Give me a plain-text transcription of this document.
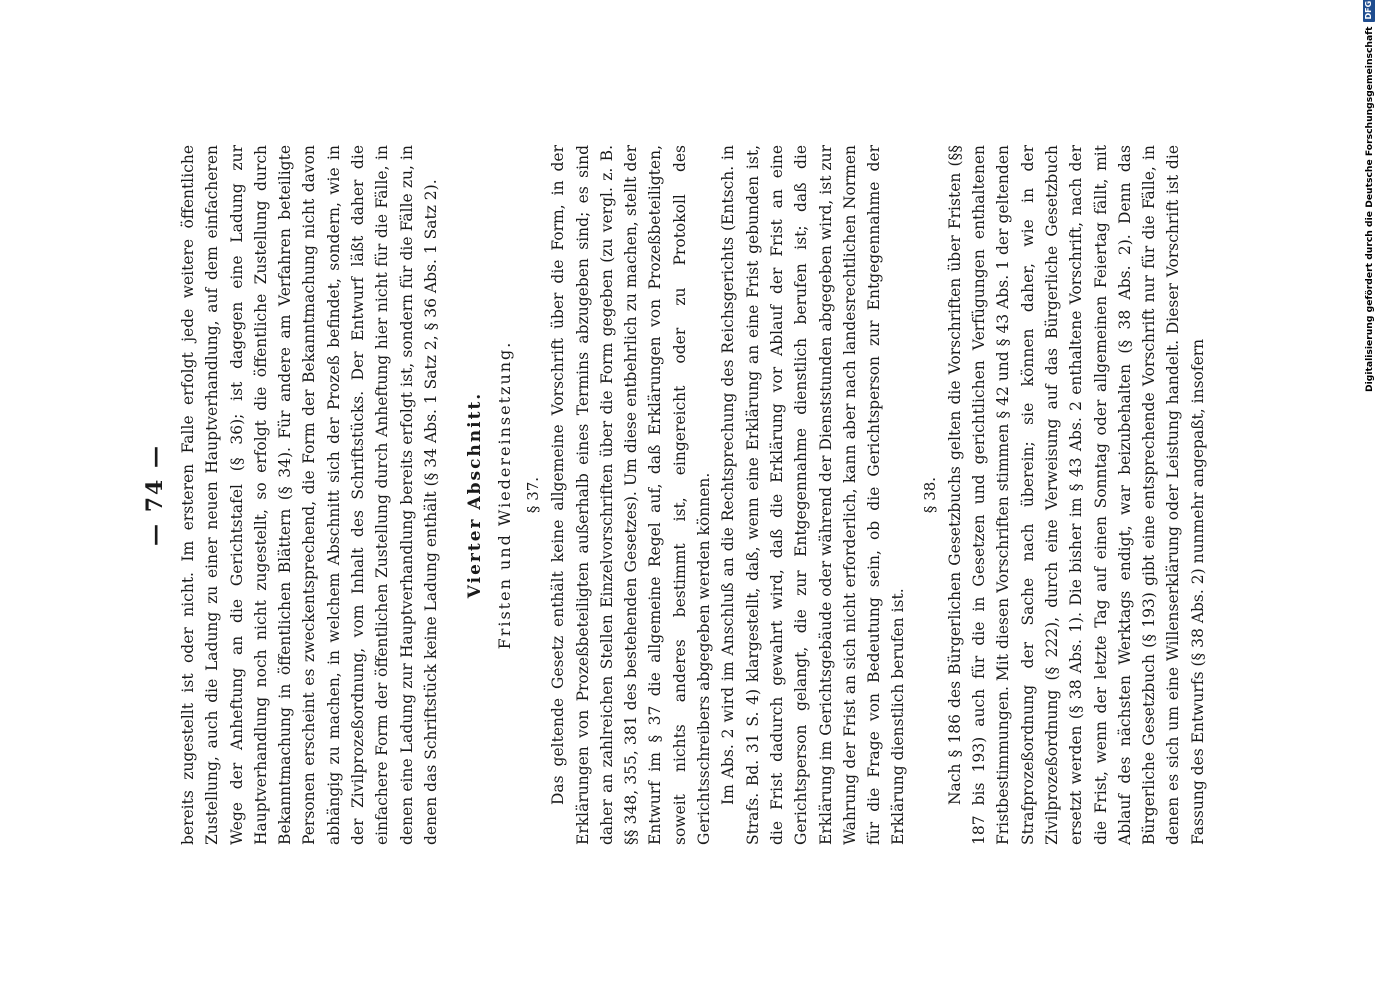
— 74 — bereits zugestellt ist oder nicht. Im ersteren Falle erfolgt jede weitere öffentliche Zustellung, auch die Ladung zu einer neuen Hauptverhandlung, auf dem einfacheren Wege der Anheftung an die Gerichtstafel (§ 36); ist dagegen eine Ladung zur Hauptverhandlung noch nicht zugestellt, so erfolgt die öffentliche Zustellung durch Bekanntmachung in öffentlichen Blättern (§ 34). Für andere am Verfahren beteiligte Personen erscheint es zweckentsprechend, die Form der Bekanntmachung nicht davon abhängig zu machen, in welchem Abschnitt sich der Prozeß befindet, sondern, wie in der Zivilprozeßordnung, vom Inhalt des Schriftstücks. Der Entwurf läßt daher die einfachere Form der öffentlichen Zustellung durch Anheftung hier nicht für die Fälle, in denen eine Ladung zur Hauptverhandlung bereits erfolgt ist, sondern für die Fälle zu, in denen das Schriftstück keine Ladung enthält (§ 34 Abs. 1 Satz 2, § 36 Abs. 1 Satz 2). Vierter Abschnitt. Fristen und Wiedereinsetzung. § 37. Das geltende Gesetz enthält keine allgemeine Vorschrift über die Form, in der Erklärungen von Prozeßbeteiligten außerhalb eines Termins abzugeben sind; es sind daher an zahlreichen Stellen Einzelvorschriften über die Form gegeben (zu vergl. z. B. §§ 348, 355, 381 des bestehenden Gesetzes). Um diese entbehrlich zu machen, stellt der Entwurf im § 37 die allgemeine Regel auf, daß Erklärungen von Prozeßbeteiligten, soweit nichts anderes bestimmt ist, eingereicht oder zu Protokoll des Gerichtsschreibers abgegeben werden können. Im Abs. 2 wird im Anschluß an die Rechtsprechung des Reichsgerichts (Entsch. in Strafs. Bd. 31 S. 4) klargestellt, daß, wenn eine Erklärung an eine Frist gebunden ist, die Frist dadurch gewahrt wird, daß die Erklärung vor Ablauf der Frist an eine Gerichtsperson gelangt, die zur Entgegennahme dienstlich berufen ist; daß die Erklärung im Gerichtsgebäude oder während der Dienststunden abgegeben wird, ist zur Wahrung der Frist an sich nicht erforderlich, kann aber nach landesrechtlichen Normen für die Frage von Bedeutung sein, ob die Gerichtsperson zur Entgegennahme der Erklärung dienstlich berufen ist.

§ 38. Nach § 186 des Bürgerlichen Gesetzbuchs gelten die Vorschriften über Fristen (§§ 187 bis 193) auch für die in Gesetzen und gerichtlichen Verfügungen enthaltenen Fristbestimmungen. Mit diesen Vorschriften stimmen § 42 und § 43 Abs. 1 der geltenden Strafprozeßordnung der Sache nach überein; sie können daher, wie in der Zivilprozeßordnung (§ 222), durch eine Verweisung auf das Bürgerliche Gesetzbuch ersetzt werden (§ 38 Abs. 1). Die bisher im § 43 Abs. 2 enthaltene Vorschrift, nach der die Frist, wenn der letzte Tag auf einen Sonntag oder allgemeinen Feiertag fällt, mit Ablauf des nächsten Werktags endigt, war beizubehalten (§ 38 Abs. 2). Denn das Bürgerliche Gesetzbuch (§ 193) gibt eine entsprechende Vorschrift nur für die Fälle, in denen es sich um eine Willenserklärung oder Leistung handelt. Dieser Vorschrift ist die Fassung des Entwurfs (§ 38 Abs. 2) nunmehr angepaßt, insofern

Digitalisierung gefördert durch die Deutsche Forschungsgemeinschaft
DFG
